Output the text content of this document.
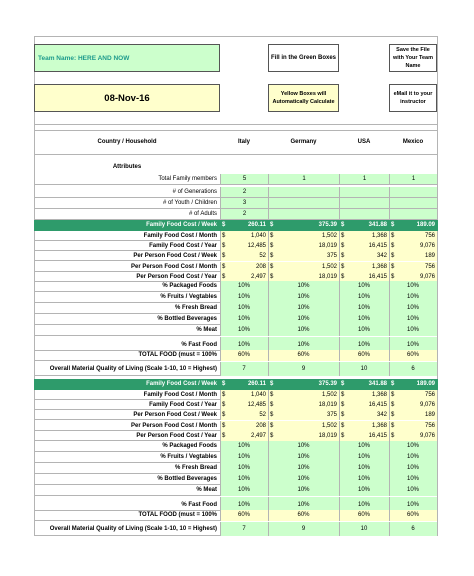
Team Name: HERE AND NOW	Fill in the Green Boxes
Save the File with Your Team Name
08-Nov-16	Yellow Boxes will Automatically Calculate
eMail it to your instructor
Country / Household	Italy	Germany	USA	Mexico
Attributes
Total Family members	5	1	1	1
# of Generations	2
# of Youth / Children	3
# of Adults	2
Family Food Cost / Week $	260.11 $	375.39 $	341.88 $	189.09
Family Food Cost / Month $	1,040 $	1,502 $	1,368 $	756
Family Food Cost / Year $	12,485 $	18,019 $	16,415 $	9,076
Per Person Food Cost / Week $	52 $	375 $	342 $	189
Per Person Food Cost / Month $	208 $	1,502 $	1,368 $	756
Per Person Food Cost / Year $	2,497 $	18,019 $	16,415 $	9,076
% Packaged Foods	10%	10%	10%	10%
% Fruits / Vegtables	10%	10%	10%	10%
% Fresh Bread	10%	10%	10%	10%
% Bottled Beverages	10%	10%	10%	10%
% Meat	10%	10%	10%	10%
% Fast Food	10%	10%	10%	10%
TOTAL FOOD (must = 100%	60%	60%	60%	60%
Overall Material Quality of Living (Scale 1-10, 10 = Highest)	7	9	10	6
Family Food Cost / Week $	260.11 $	375.39 $	341.88 $	189.09
Family Food Cost / Month $	1,040 $	1,502 $	1,368 $	756
Family Food Cost / Year $	12,485 $	18,019 $	16,415 $	9,076
Per Person Food Cost / Week $	52 $	375 $	342 $	189
Per Person Food Cost / Month $	208 $	1,502 $	1,368 $	756
Per Person Food Cost / Year $	2,497 $	18,019 $	16,415 $	9,076
% Packaged Foods	10%	10%	10%	10%
% Fruits / Vegtables	10%	10%	10%	10%
% Fresh Bread	10%	10%	10%	10%
% Bottled Beverages	10%	10%	10%	10%
% Meat	10%	10%	10%	10%
% Fast Food	10%	10%	10%	10%
TOTAL FOOD (must = 100%	60%	60%	60%	60%
Overall Material Quality of Living (Scale 1-10, 10 = Highest)	7	9	10	6
